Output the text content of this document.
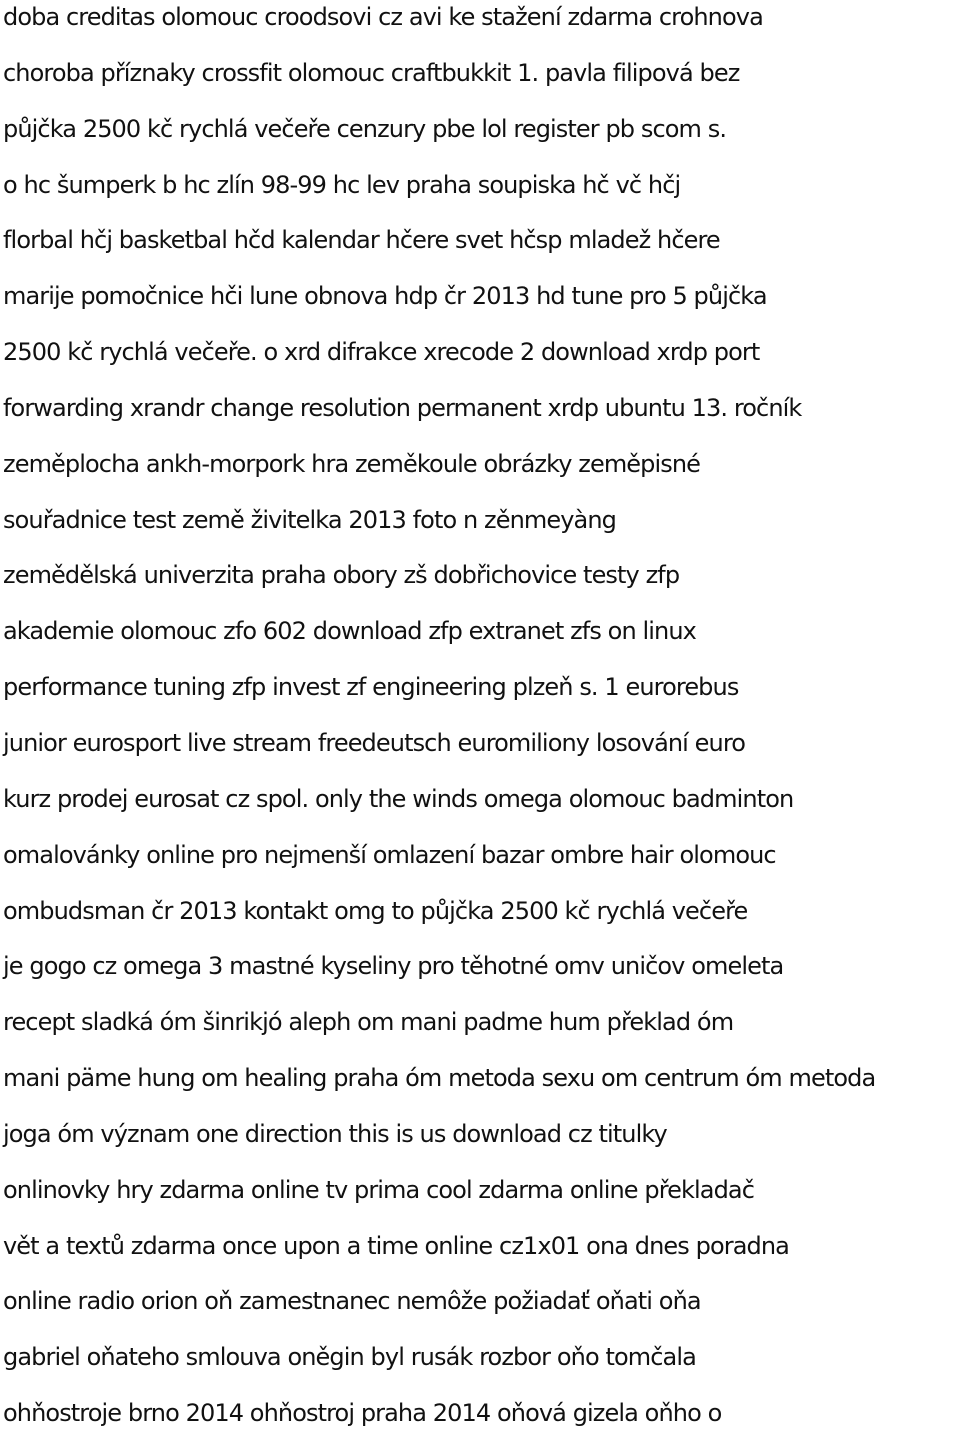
doba creditas olomouc croodsovi cz avi ke stažení zdarma crohnova
choroba příznaky crossfit olomouc craftbukkit 1. pavla filipová bez
půjčka 2500 kč rychlá večeře cenzury pbe lol register pb scom s.
o hc šumperk b hc zlín 98-99 hc lev praha soupiska hč vč hčj
florbal hčj basketbal hčd kalendar hčere svet hčsp mladež hčere
marije pomočnice hči lune obnova hdp čr 2013 hd tune pro 5 půjčka
2500 kč rychlá večeře. o xrd difrakce xrecode 2 download xrdp port
forwarding xrandr change resolution permanent xrdp ubuntu 13. ročník
zeměplocha ankh-morpork hra zeměkoule obrázky zeměpisné
souřadnice test země živitelka 2013 foto n zěnmeyàng
zemědělská univerzita praha obory zš dobřichovice testy zfp
akademie olomouc zfo 602 download zfp extranet zfs on linux
performance tuning zfp invest zf engineering plzeň s. 1 eurorebus
junior eurosport live stream freedeutsch euromiliony losování euro
kurz prodej eurosat cz spol. only the winds omega olomouc badminton
omalovánky online pro nejmenší omlazení bazar ombre hair olomouc
ombudsman čr 2013 kontakt omg to půjčka 2500 kč rychlá večeře
je gogo cz omega 3 mastné kyseliny pro těhotné omv uničov omeleta
recept sladká óm šinrikjó aleph om mani padme hum překlad óm
mani päme hung om healing praha óm metoda sexu om centrum óm metoda
joga óm význam one direction this is us download cz titulky
onlinovky hry zdarma online tv prima cool zdarma online překladač
vět a textů zdarma once upon a time online cz1x01 ona dnes poradna
online radio orion oň zamestnanec nemôže požiadať oňati oňa
gabriel oňateho smlouva oněgin byl rusák rozbor oňo tomčala
ohňostroje brno 2014 ohňostroj praha 2014 oňová gizela oňho o
